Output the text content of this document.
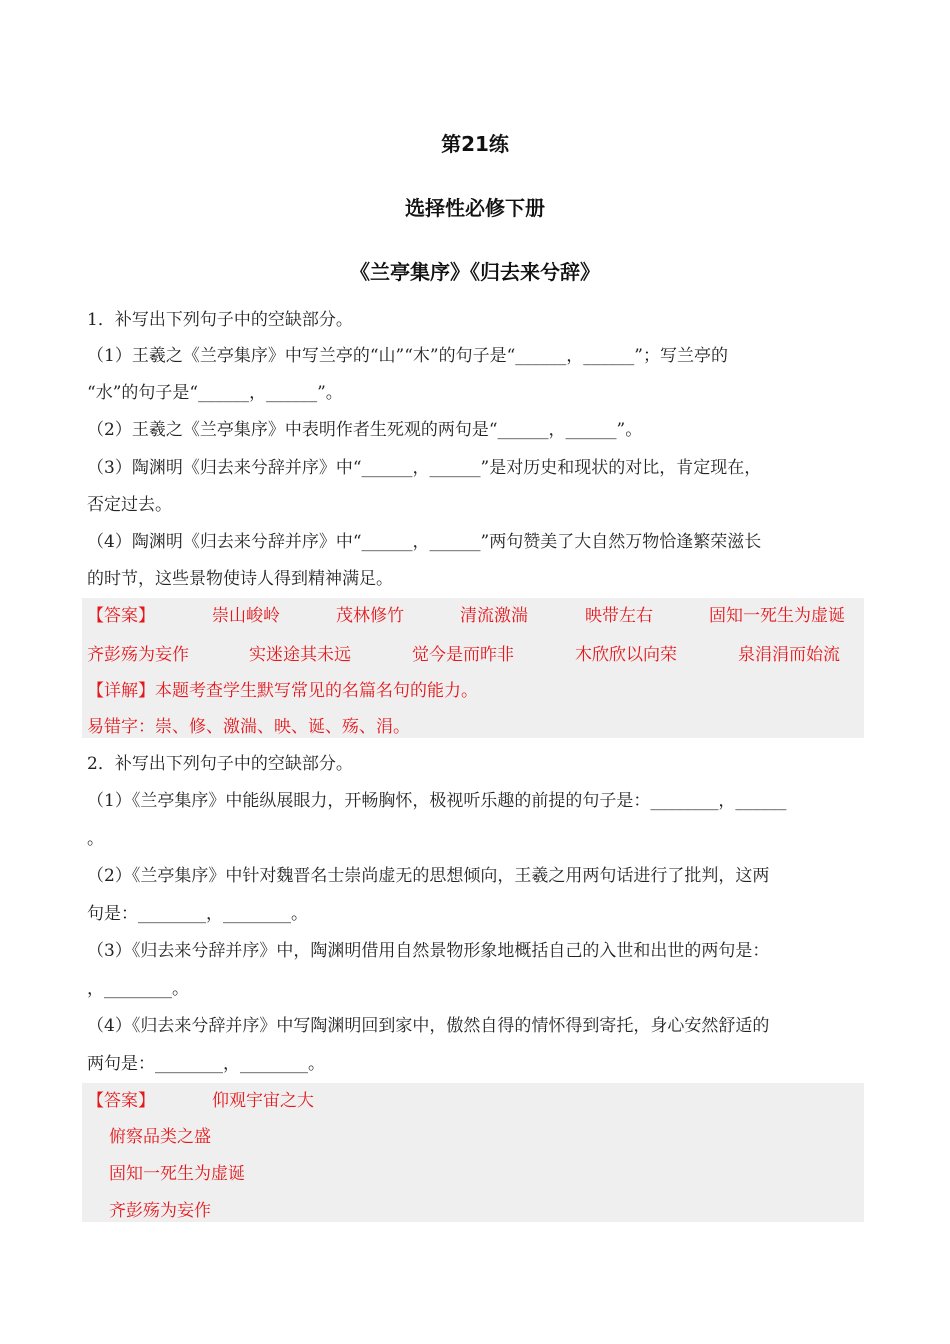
第21练
选择性必修下册
《兰亭集序》《归去来兮辞》
1．补写出下列句子中的空缺部分。
（1）王羲之《兰亭集序》中写兰亭的“山”“木”的句子是“______，______”；写兰亭的
“水”的句子是“______，______”。
（2）王羲之《兰亭集序》中表明作者生死观的两句是“______，______”。
（3）陶渊明《归去来兮辞并序》中“______，______”是对历史和现状的对比，肯定现在，
否定过去。
（4）陶渊明《归去来兮辞并序》中“______，______”两句赞美了大自然万物恰逢繁荣滋长
的时节，这些景物使诗人得到精神满足。
【答案】	崇山峻岭	茂林修竹	清流激湍	映带左右	固知一死生为虚诞
齐彭殇为妄作	实迷途其未远	觉今是而昨非	木欣欣以向荣	泉涓涓而始流
【详解】本题考查学生默写常见的名篇名句的能力。
易错字：崇、修、激湍、映、诞、殇、涓。
2．补写出下列句子中的空缺部分。
（1）《兰亭集序》中能纵展眼力，开畅胸怀，极视听乐趣的前提的句子是：________，______
。
（2）《兰亭集序》中针对魏晋名士崇尚虚无的思想倾向，王羲之用两句话进行了批判，这两
句是：________，________。
（3）《归去来兮辞并序》中，陶渊明借用自然景物形象地概括自己的入世和出世的两句是：
，________。
（4）《归去来兮辞并序》中写陶渊明回到家中，傲然自得的情怀得到寄托，身心安然舒适的
两句是：________，________。
【答案】	仰观宇宙之大
俯察品类之盛
固知一死生为虚诞
齐彭殇为妄作
